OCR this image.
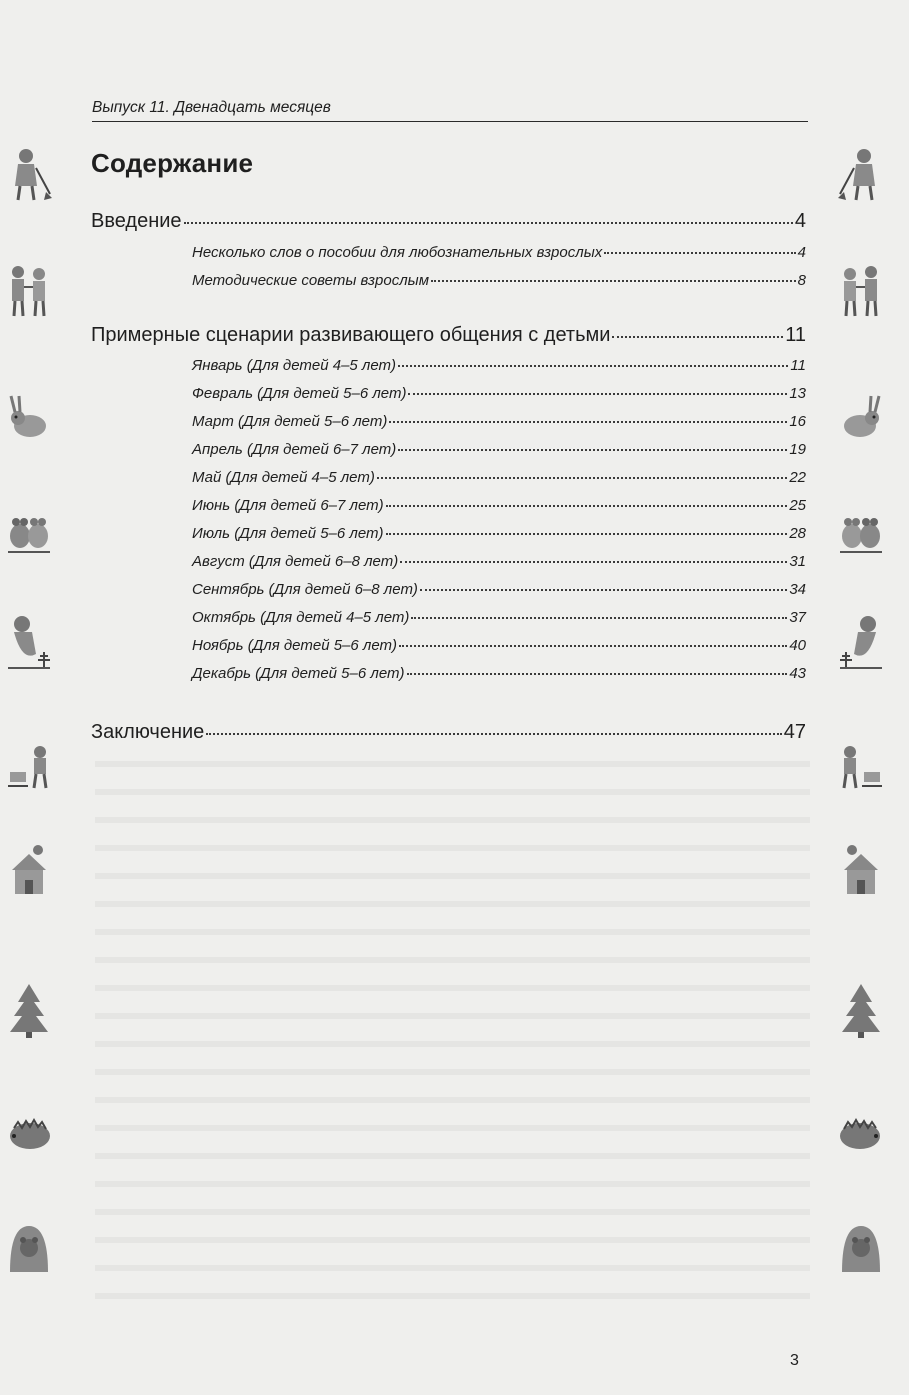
Выпуск 11. Двенадцать месяцев
Содержание
Введение	4
Несколько слов о пособии для любознательных взрослых	4
Методические советы взрослым	8
Примерные сценарии развивающего общения с детьми	11
Январь (Для детей 4–5 лет)	11
Февраль (Для детей 5–6 лет)	13
Март (Для детей 5–6 лет)	16
Апрель (Для детей 6–7 лет)	19
Май (Для детей 4–5 лет)	22
Июнь (Для детей 6–7 лет)	25
Июль (Для детей 5–6 лет)	28
Август (Для детей 6–8 лет)	31
Сентябрь (Для детей 6–8 лет)	34
Октябрь (Для детей 4–5 лет)	37
Ноябрь (Для детей 5–6 лет)	40
Декабрь (Для детей 5–6 лет)	43
Заключение	47
3
